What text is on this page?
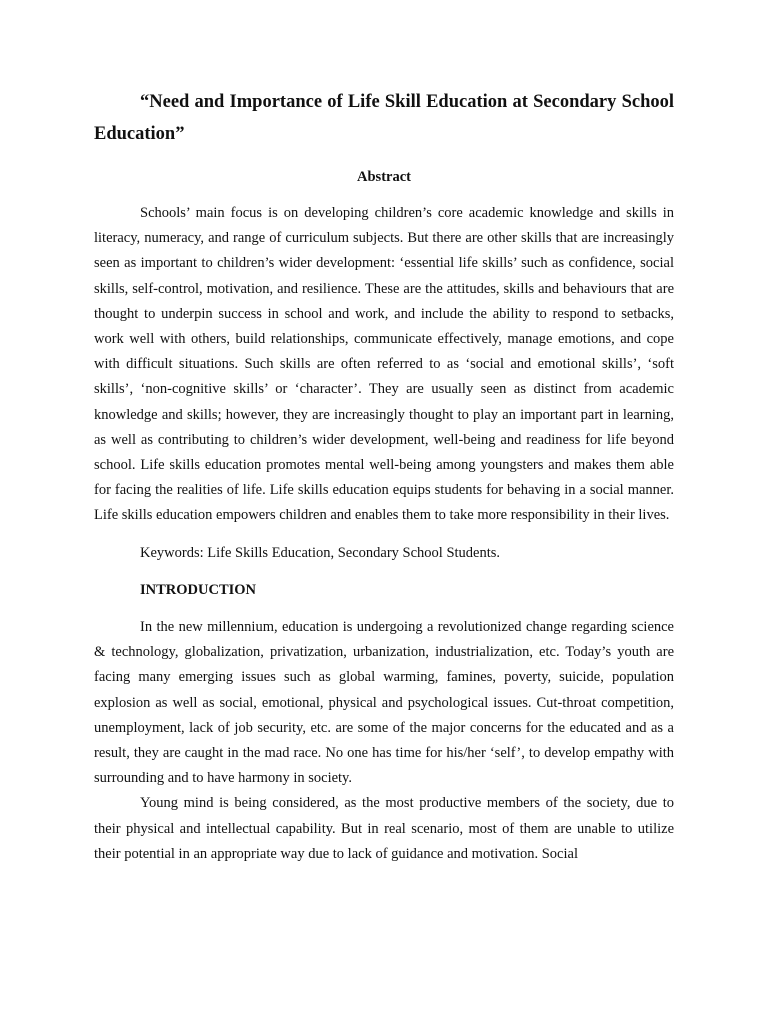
“Need and Importance of Life Skill Education at Secondary School Education”
Abstract

Schools’ main focus is on developing children’s core academic knowledge and skills in literacy, numeracy, and range of curriculum subjects. But there are other skills that are increasingly seen as important to children’s wider development: ‘essential life skills’ such as confidence, social skills, self-control, motivation, and resilience. These are the attitudes, skills and behaviours that are thought to underpin success in school and work, and include the ability to respond to setbacks, work well with others, build relationships, communicate effectively, manage emotions, and cope with difficult situations. Such skills are often referred to as ‘social and emotional skills’, ‘soft skills’, ‘non-cognitive skills’ or ‘character’. They are usually seen as distinct from academic knowledge and skills; however, they are increasingly thought to play an important part in learning, as well as contributing to children’s wider development, well-being and readiness for life beyond school. Life skills education promotes mental well-being among youngsters and makes them able for facing the realities of life. Life skills education equips students for behaving in a social manner. Life skills education empowers children and enables them to take more responsibility in their lives.

Keywords: Life Skills Education, Secondary School Students.

INTRODUCTION

In the new millennium, education is undergoing a revolutionized change regarding science & technology, globalization, privatization, urbanization, industrialization, etc. Today’s youth are facing many emerging issues such as global warming, famines, poverty, suicide, population explosion as well as social, emotional, physical and psychological issues. Cut-throat competition, unemployment, lack of job security, etc. are some of the major concerns for the educated and as a result, they are caught in the mad race. No one has time for his/her ‘self’, to develop empathy with surrounding and to have harmony in society.

Young mind is being considered, as the most productive members of the society, due to their physical and intellectual capability. But in real scenario, most of them are unable to utilize their potential in an appropriate way due to lack of guidance and motivation. Social
